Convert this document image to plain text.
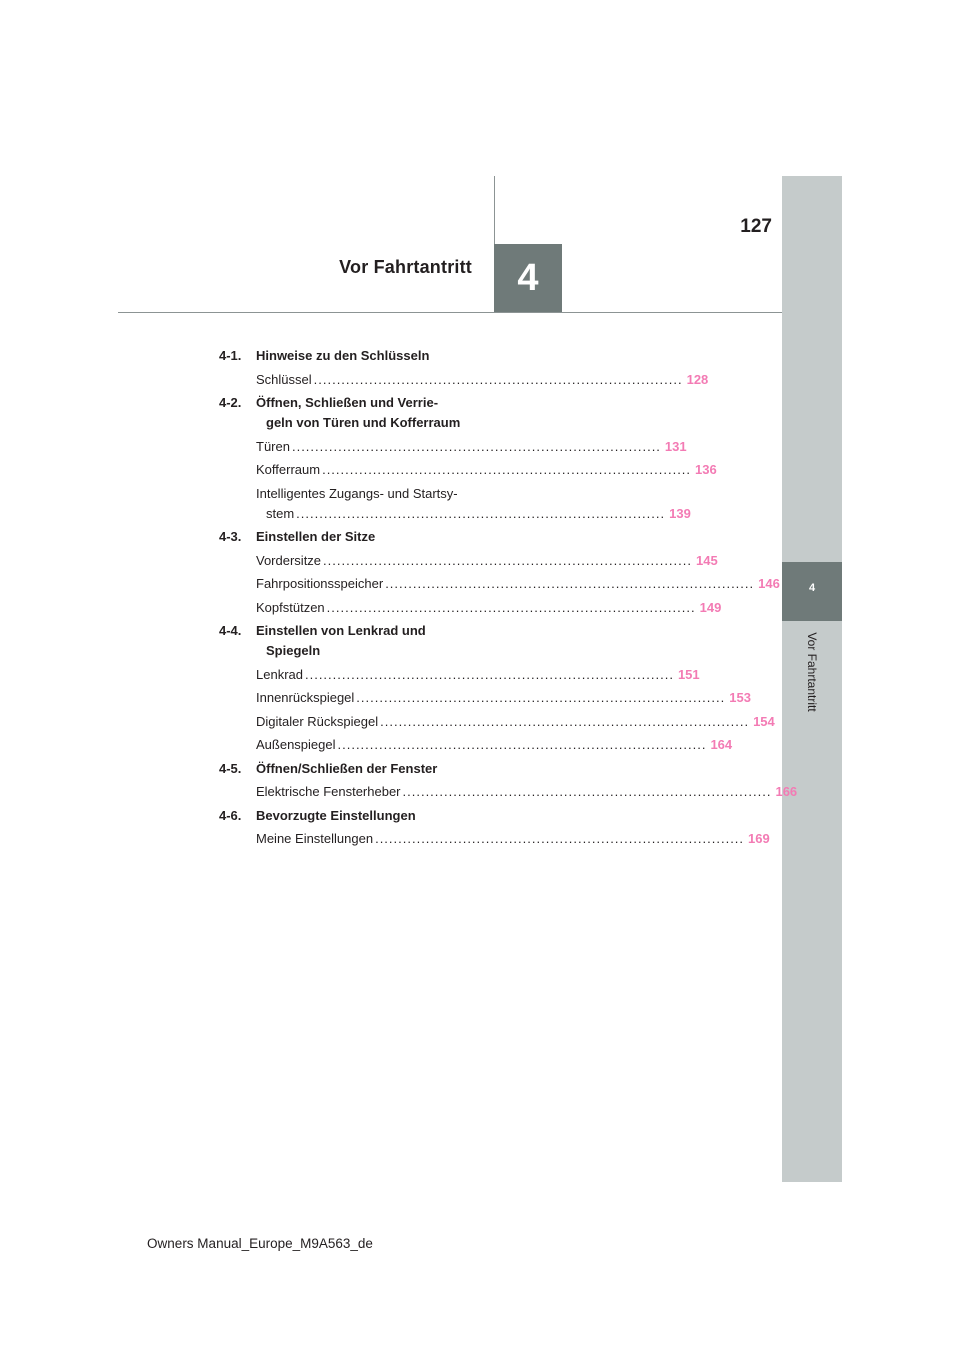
4
Vor Fahrtantritt
4
127
Vor Fahrtantritt
4-1.	Hinweise zu den Schlüsseln
Schlüssel ................................................................................ 128
4-2.	Öffnen, Schließen und Verrie-
geln von Türen und Kofferraum
Türen ................................................................................ 131
Kofferraum ................................................................................ 136
Intelligentes Zugangs- und Startsy-
stem ................................................................................ 139
4-3.	Einstellen der Sitze
Vordersitze ................................................................................ 145
Fahrpositionsspeicher ................................................................................ 146
Kopfstützen ................................................................................ 149
4-4.	Einstellen von Lenkrad und
Spiegeln
Lenkrad ................................................................................ 151
Innenrückspiegel ................................................................................ 153
Digitaler Rückspiegel ................................................................................ 154
Außenspiegel ................................................................................ 164
4-5.	Öffnen/Schließen der Fenster
Elektrische Fensterheber ................................................................................ 166
4-6.	Bevorzugte Einstellungen
Meine Einstellungen ................................................................................ 169
Owners Manual_Europe_M9A563_de
